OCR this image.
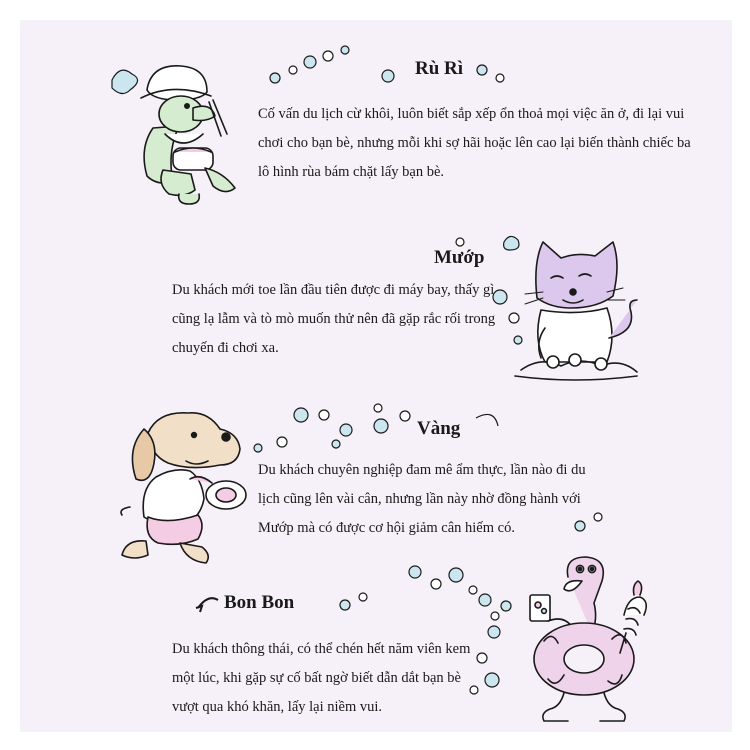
Rù Rì

Cố vấn du lịch cừ khôi, luôn biết sắp xếp ổn thoả mọi việc ăn ở, đi lại vui chơi cho bạn bè, nhưng mỗi khi sợ hãi hoặc lên cao lại biến thành chiếc ba lô hình rùa bám chặt lấy bạn bè.

Mướp

Du khách mới toe lần đầu tiên được đi máy bay, thấy gì cũng lạ lẫm và tò mò muốn thử nên đã gặp rắc rối trong chuyến đi chơi xa.

Vàng

Du khách chuyên nghiệp đam mê ẩm thực, lần nào đi du lịch cũng lên vài cân, nhưng lần này nhờ đồng hành với Mướp mà có được cơ hội giảm cân hiếm có.

Bon Bon

Du khách thông thái, có thể chén hết năm viên kem một lúc, khi gặp sự cố bất ngờ biết dẫn dắt bạn bè vượt qua khó khăn, lấy lại niềm vui.
